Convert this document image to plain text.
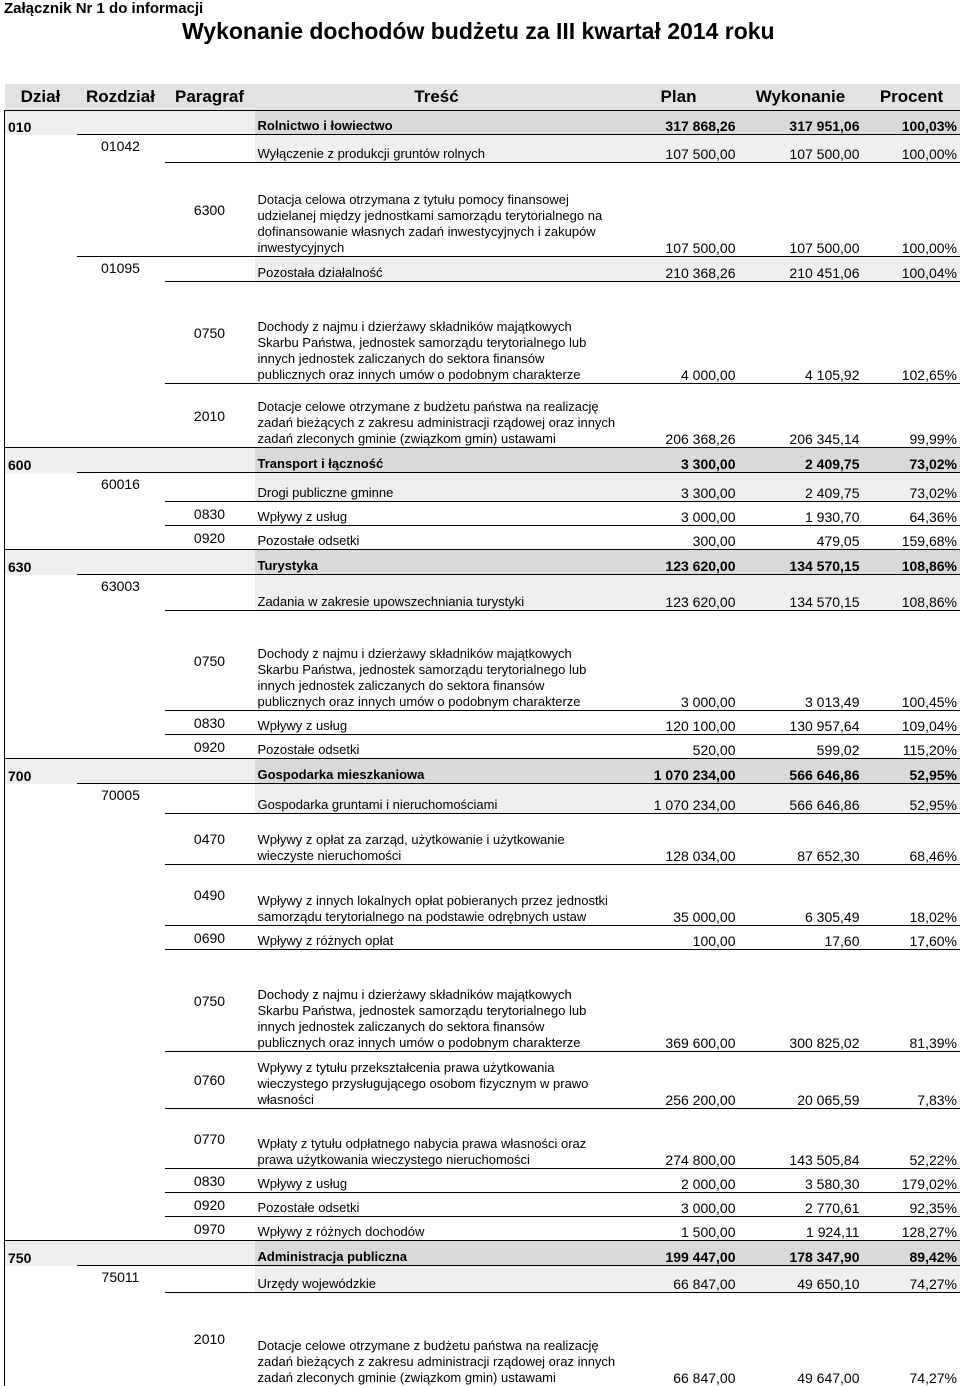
Załącznik Nr 1 do informacji
Wykonanie dochodów budżetu za III kwartał 2014 roku
Dział	Rozdział	Paragraf	Treść	Plan	Wykonanie	Procent
010			Rolnictwo i łowiectwo	317 868,26	317 951,06	100,03%
	01042		Wyłączenie z produkcji gruntów rolnych	107 500,00	107 500,00	100,00%
		6300	Dotacja celowa otrzymana z tytułu pomocy finansowej udzielanej między jednostkami samorządu terytorialnego na dofinansowanie własnych zadań inwestycyjnych i zakupów inwestycyjnych	107 500,00	107 500,00	100,00%
	01095		Pozostała działalność	210 368,26	210 451,06	100,04%
		0750	Dochody z najmu i dzierżawy składników majątkowych Skarbu Państwa, jednostek samorządu terytorialnego lub innych jednostek zaliczanych do sektora finansów publicznych oraz innych umów o podobnym charakterze	4 000,00	4 105,92	102,65%
		2010	Dotacje celowe otrzymane z budżetu państwa na realizację zadań bieżących z zakresu administracji rządowej oraz innych zadań zleconych gminie (związkom gmin) ustawami	206 368,26	206 345,14	99,99%
600			Transport i łączność	3 300,00	2 409,75	73,02%
	60016		Drogi publiczne gminne	3 300,00	2 409,75	73,02%
		0830	Wpływy z usług	3 000,00	1 930,70	64,36%
		0920	Pozostałe odsetki	300,00	479,05	159,68%
630			Turystyka	123 620,00	134 570,15	108,86%
	63003		Zadania w zakresie upowszechniania turystyki	123 620,00	134 570,15	108,86%
		0750	Dochody z najmu i dzierżawy składników majątkowych Skarbu Państwa, jednostek samorządu terytorialnego lub innych jednostek zaliczanych do sektora finansów publicznych oraz innych umów o podobnym charakterze	3 000,00	3 013,49	100,45%
		0830	Wpływy z usług	120 100,00	130 957,64	109,04%
		0920	Pozostałe odsetki	520,00	599,02	115,20%
700			Gospodarka mieszkaniowa	1 070 234,00	566 646,86	52,95%
	70005		Gospodarka gruntami i nieruchomościami	1 070 234,00	566 646,86	52,95%
		0470	Wpływy z opłat za zarząd, użytkowanie i użytkowanie wieczyste nieruchomości	128 034,00	87 652,30	68,46%
		0490	Wpływy z innych lokalnych opłat pobieranych przez jednostki samorządu terytorialnego na podstawie odrębnych ustaw	35 000,00	6 305,49	18,02%
		0690	Wpływy z różnych opłat	100,00	17,60	17,60%
		0750	Dochody z najmu i dzierżawy składników majątkowych Skarbu Państwa, jednostek samorządu terytorialnego lub innych jednostek zaliczanych do sektora finansów publicznych oraz innych umów o podobnym charakterze	369 600,00	300 825,02	81,39%
		0760	Wpływy z tytułu przekształcenia prawa użytkowania wieczystego przysługującego osobom fizycznym w prawo własności	256 200,00	20 065,59	7,83%
		0770	Wpłaty z tytułu odpłatnego nabycia prawa własności oraz prawa użytkowania wieczystego nieruchomości	274 800,00	143 505,84	52,22%
		0830	Wpływy z usług	2 000,00	3 580,30	179,02%
		0920	Pozostałe odsetki	3 000,00	2 770,61	92,35%
		0970	Wpływy z różnych dochodów	1 500,00	1 924,11	128,27%
750			Administracja publiczna	199 447,00	178 347,90	89,42%
	75011		Urzędy wojewódzkie	66 847,00	49 650,10	74,27%
		2010	Dotacje celowe otrzymane z budżetu państwa na realizację zadań bieżących z zakresu administracji rządowej oraz innych zadań zleconych gminie (związkom gmin) ustawami	66 847,00	49 647,00	74,27%
